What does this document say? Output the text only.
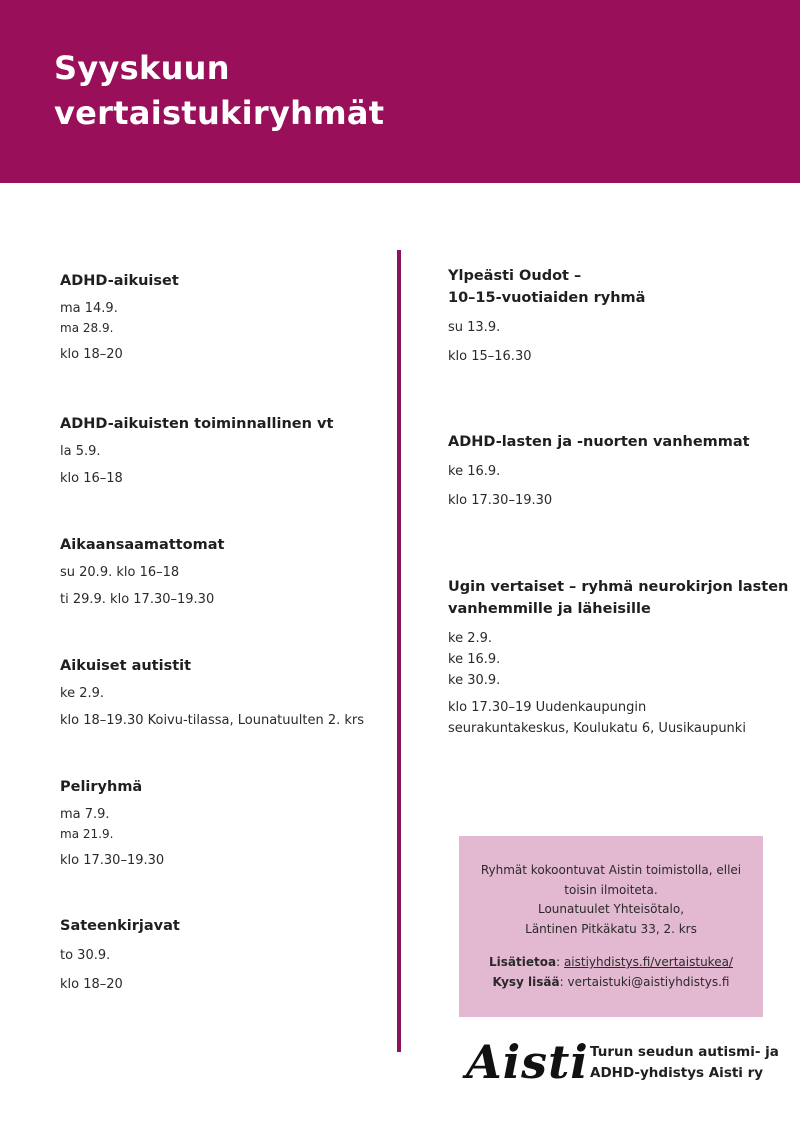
Syyskuun
vertaistukiryhmät
ADHD-aikuiset
ma 14.9.
ma 28.9.
klo 18–20
ADHD-aikuisten toiminnallinen vt
la 5.9.
klo 16–18
Aikaansaamattomat
su 20.9. klo 16–18
ti 29.9. klo 17.30–19.30
Aikuiset autistit
ke 2.9.
klo 18–19.30 Koivu-tilassa, Lounatuulten 2. krs
Peliryhmä
ma 7.9.
ma 21.9.
klo 17.30–19.30
Sateenkirjavat
to 30.9.
klo 18–20
Ylpeästi Oudot –
10–15-vuotiaiden ryhmä
su 13.9.
klo 15–16.30
ADHD-lasten ja -nuorten vanhemmat
ke 16.9.
klo 17.30–19.30
Ugin vertaiset – ryhmä neurokirjon lasten
vanhemmille ja läheisille
ke 2.9.
ke 16.9.
ke 30.9.
klo 17.30–19 Uudenkaupungin
seurakuntakeskus, Koulukatu 6, Uusikaupunki
Ryhmät kokoontuvat Aistin toimistolla, ellei
toisin ilmoiteta.
Lounatuulet Yhteisötalo,
Läntinen Pitkäkatu 33, 2. krs
Lisätietoa: aistiyhdistys.fi/vertaistukea/
Kysy lisää: vertaistuki@aistiyhdistys.fi
Aisti Turun seudun autismi- ja
ADHD-yhdistys Aisti ry
